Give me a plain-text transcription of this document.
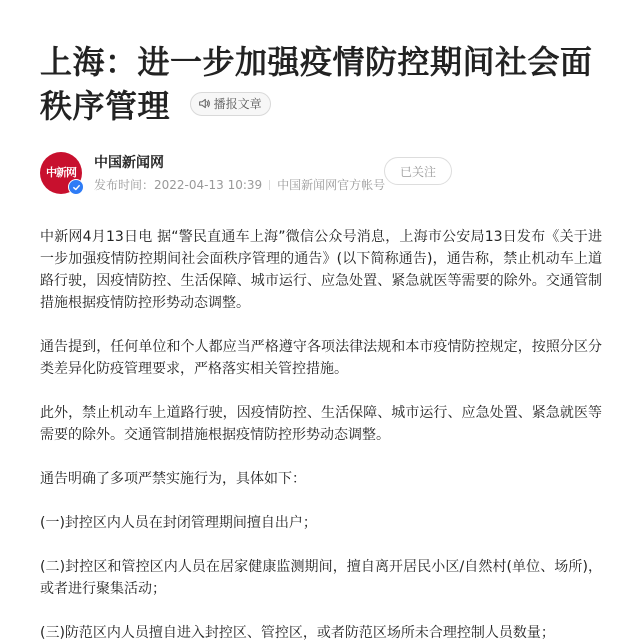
上海：进一步加强疫情防控期间社会面秩序管理	播报文章
中新网
中国新闻网
发布时间：2022-04-13 10:39 中国新闻网官方帐号
已关注

中新网4月13日电 据“警民直通车上海”微信公众号消息，上海市公安局13日发布《关于进一步加强疫情防控期间社会面秩序管理的通告》(以下简称通告)，通告称，禁止机动车上道路行驶，因疫情防控、生活保障、城市运行、应急处置、紧急就医等需要的除外。交通管制措施根据疫情防控形势动态调整。

通告提到，任何单位和个人都应当严格遵守各项法律法规和本市疫情防控规定，按照分区分类差异化防疫管理要求，严格落实相关管控措施。

此外，禁止机动车上道路行驶，因疫情防控、生活保障、城市运行、应急处置、紧急就医等需要的除外。交通管制措施根据疫情防控形势动态调整。

通告明确了多项严禁实施行为，具体如下：

(一)封控区内人员在封闭管理期间擅自出户；

(二)封控区和管控区内人员在居家健康监测期间，擅自离开居民小区/自然村(单位、场所)，或者进行聚集活动；

(三)防范区内人员擅自进入封控区、管控区，或者防范区场所未合理控制人员数量；
